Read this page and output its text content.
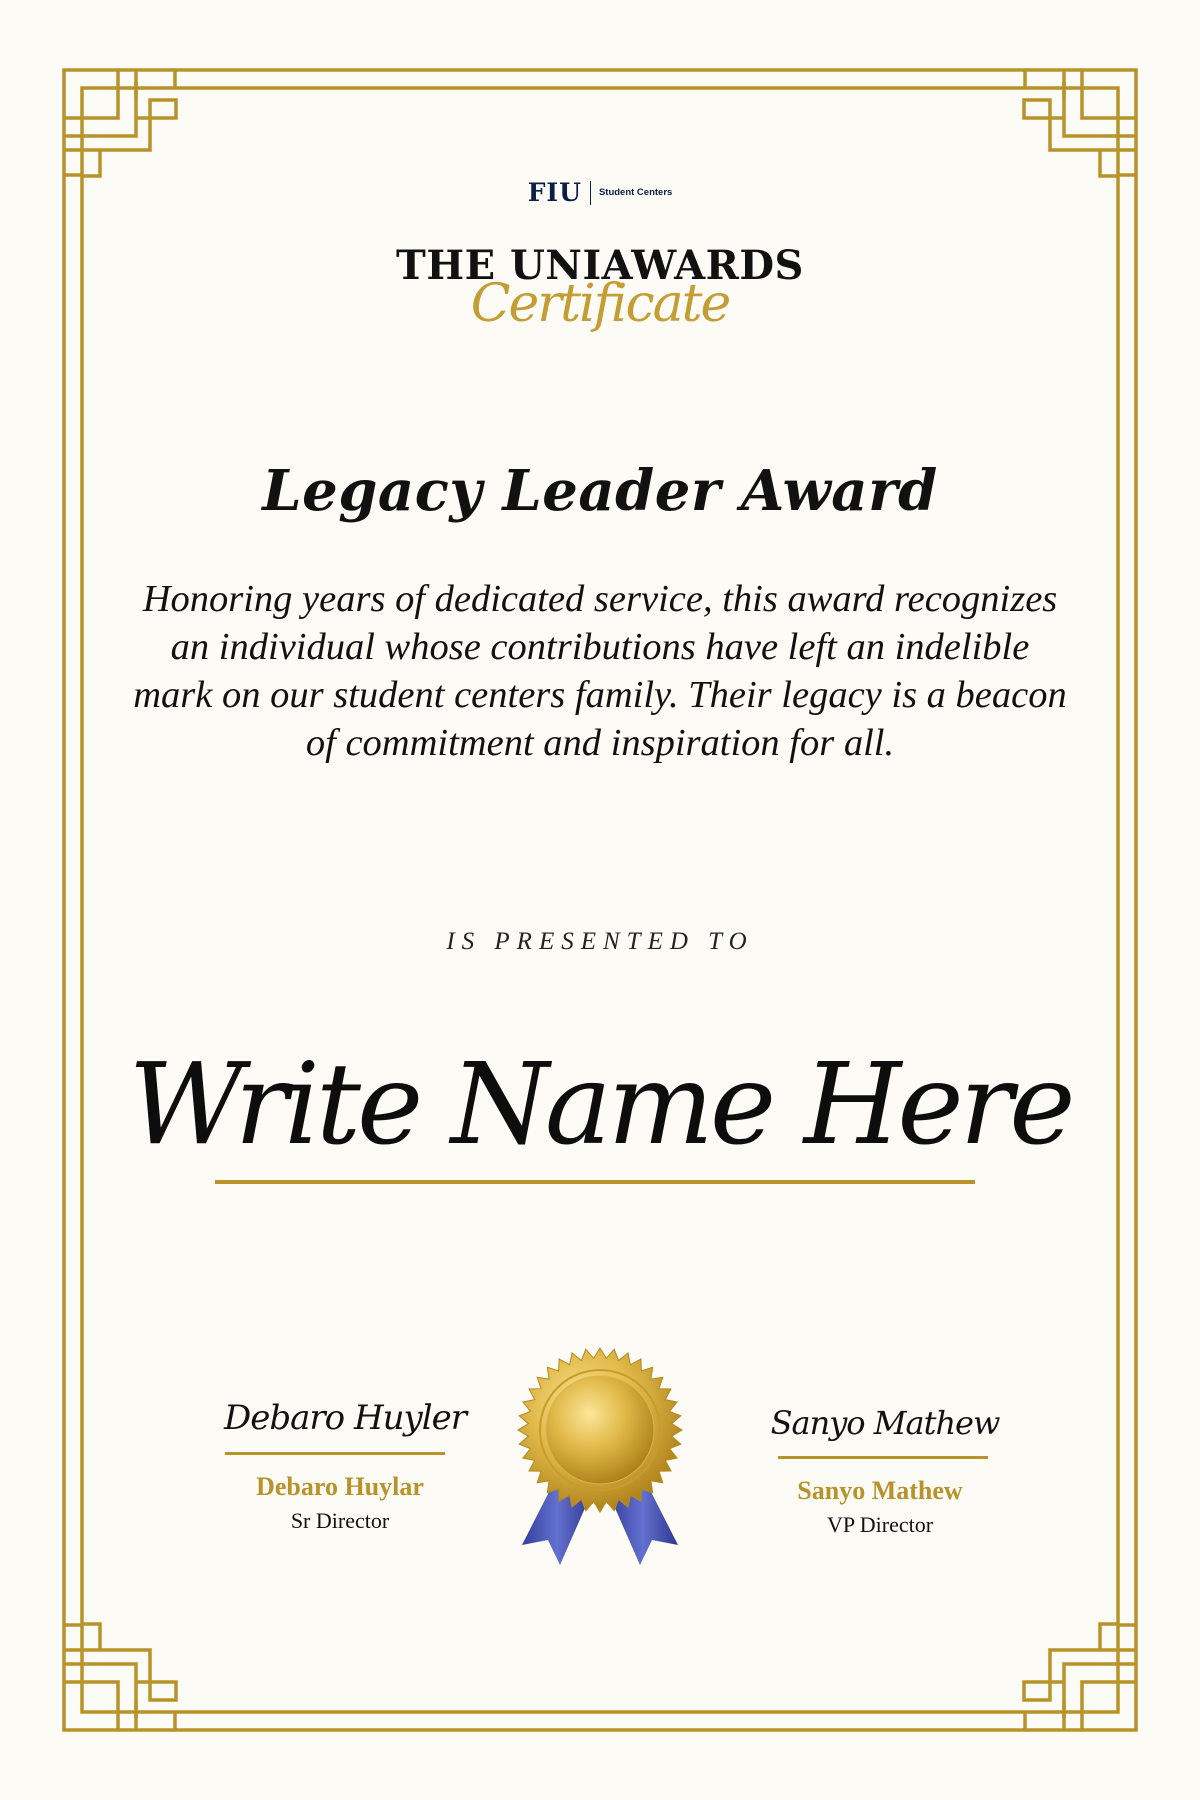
FIU Student Centers
THE UNIAWARDS
Certificate
Legacy Leader Award
Honoring years of dedicated service, this award recognizes an individual whose contributions have left an indelible mark on our student centers family. Their legacy is a beacon of commitment and inspiration for all.
IS PRESENTED TO
Write Name Here
Debaro Huyler
Debaro Huylar
Sr Director
Sanyo Mathew
Sanyo Mathew
VP Director
